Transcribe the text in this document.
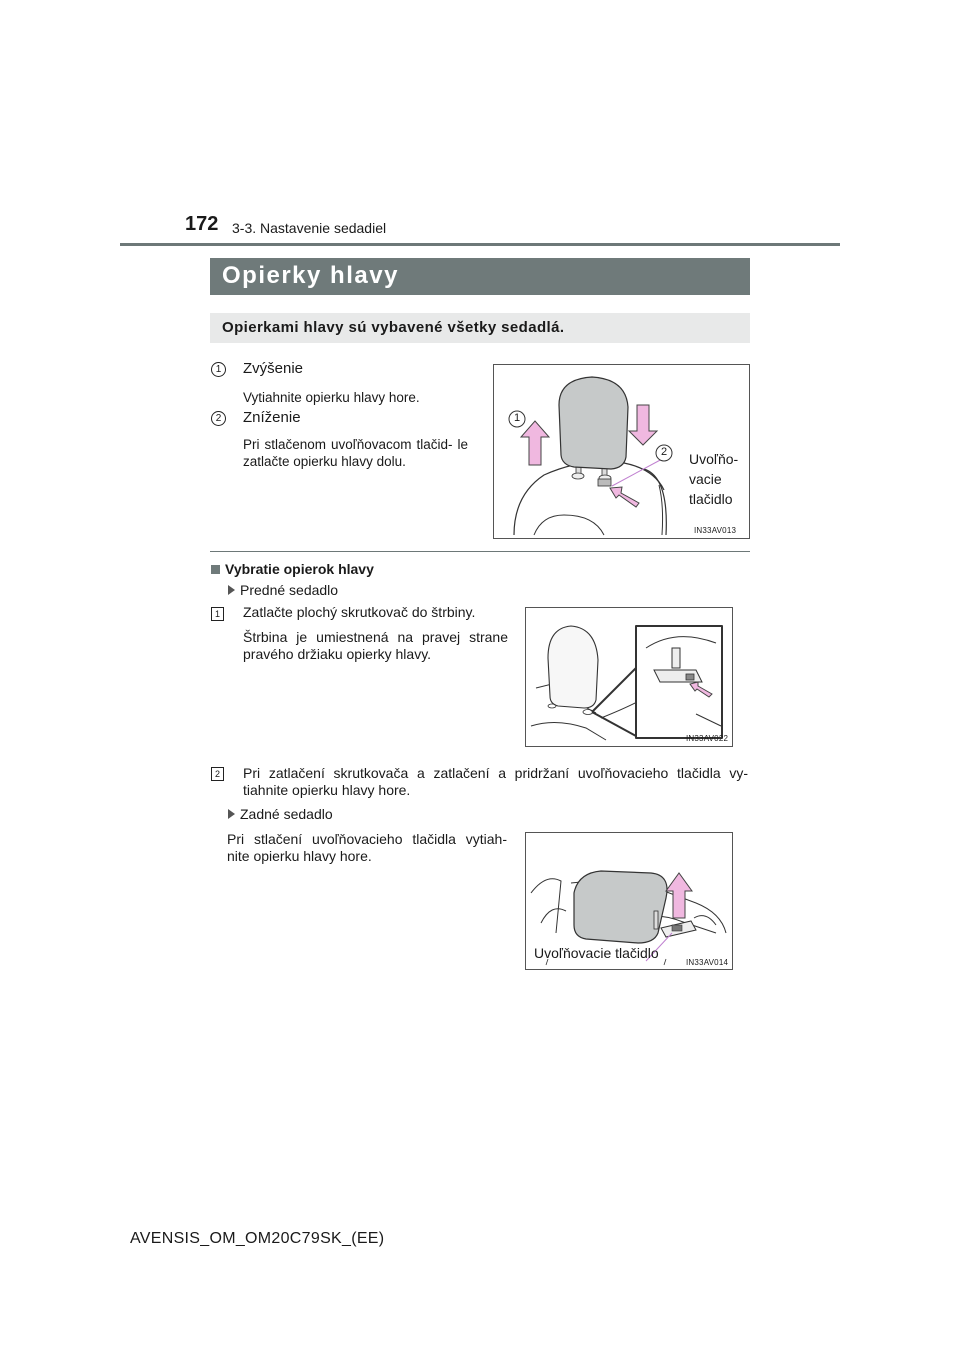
172 3-3. Nastavenie sedadiel
Opierky hlavy
Opierkami hlavy sú vybavené všetky sedadlá.
1	Zvýšenie
Vytiahnite opierku hlavy hore.
2	Zníženie
Pri stlačenom uvoľňovacom tlačid- le zatlačte opierku hlavy dolu.
1
2 Uvoľňo-
vacie
tlačidlo
IN33AV013
Vybratie opierok hlavy
Predné sedadlo
1 Zatlačte plochý skrutkovač do štrbiny.
Štrbina je umiestnená na pravej strane pravého držiaku opierky hlavy.
IN33AV022
2 Pri zatlačení skrutkovača a zatlačení a pridržaní uvoľňovacieho tlačidla vy- tiahnite opierku hlavy hore.
Zadné sedadlo
Pri stlačení uvoľňovacieho tlačidla vytiah- nite opierku hlavy hore.
Uvoľňovacie tlačidlo
IN33AV014
AVENSIS_OM_OM20C79SK_(EE)
